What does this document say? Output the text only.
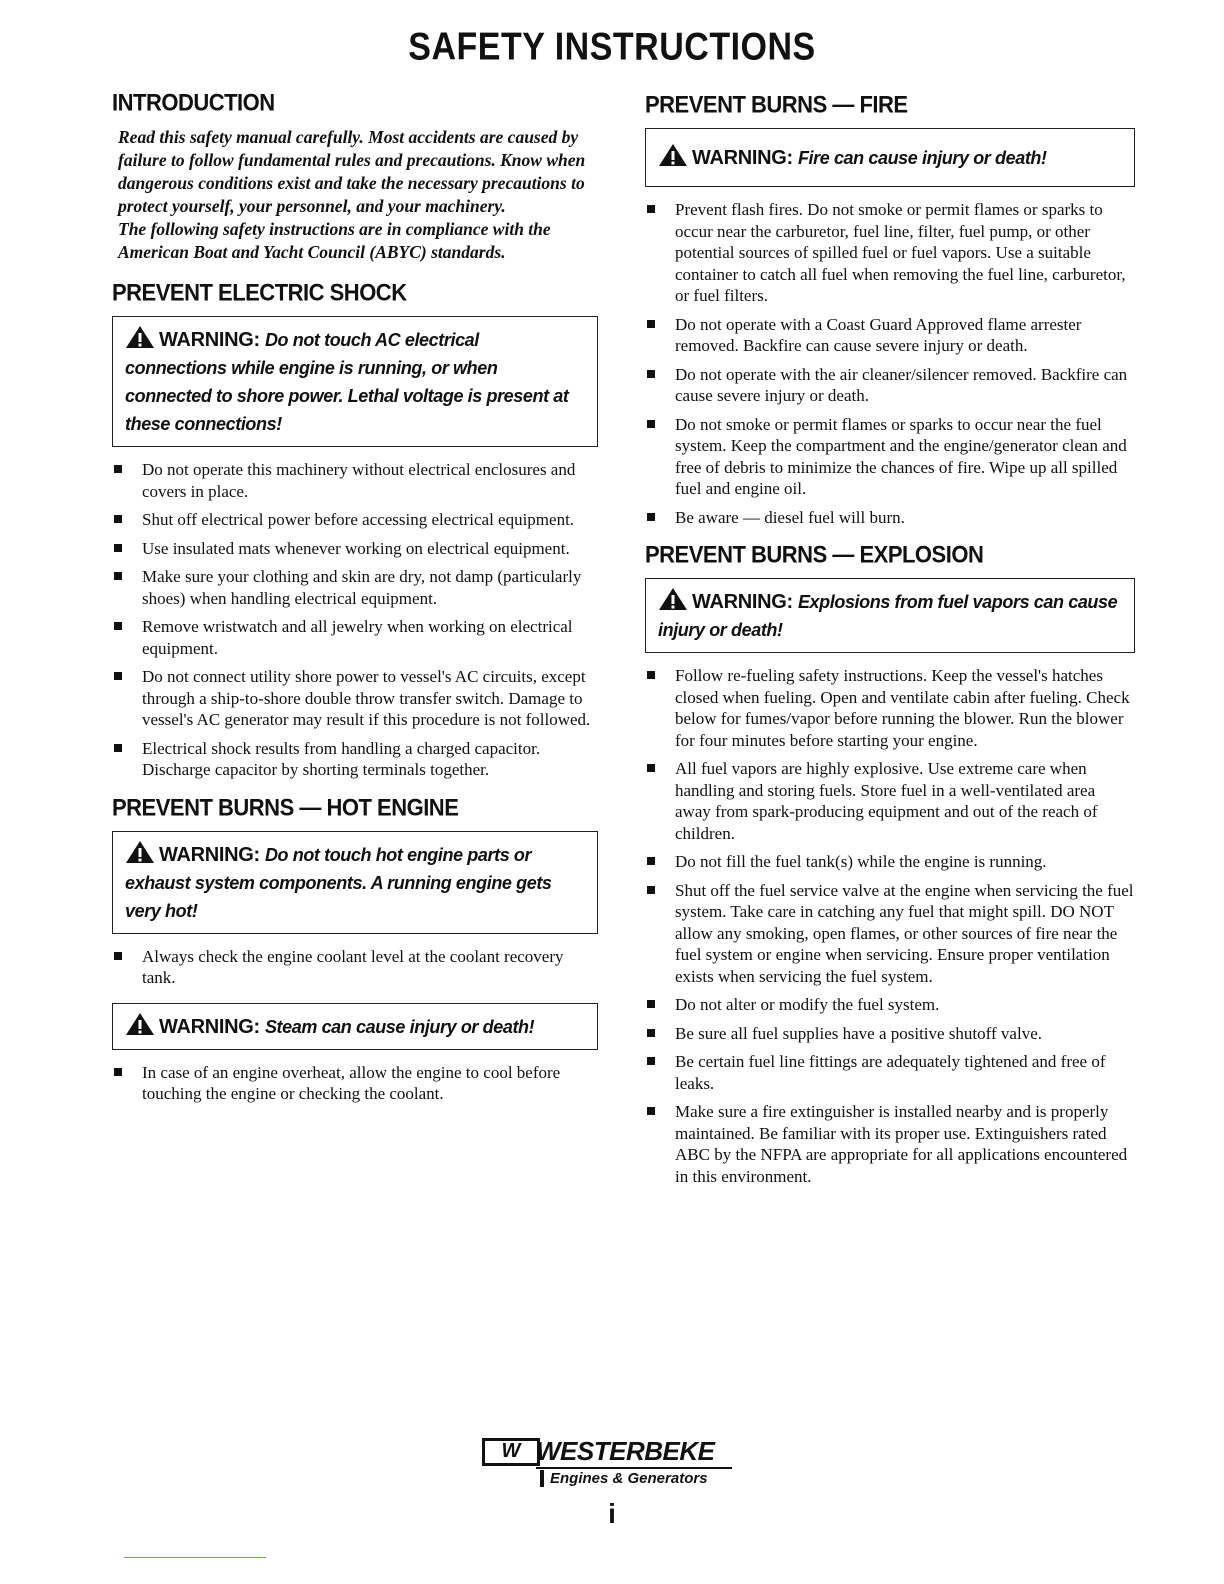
SAFETY INSTRUCTIONS
INTRODUCTION

Read this safety manual carefully. Most accidents are caused by failure to follow fundamental rules and precautions. Know when dangerous conditions exist and take the necessary precautions to protect yourself, your personnel, and your machinery.

The following safety instructions are in compliance with the American Boat and Yacht Council (ABYC) standards.

PREVENT ELECTRIC SHOCK
WARNING: Do not touch AC electrical connections while engine is running, or when connected to shore power. Lethal voltage is present at these connections!
Do not operate this machinery without electrical enclosures and covers in place.
Shut off electrical power before accessing electrical equipment.
Use insulated mats whenever working on electrical equipment.
Make sure your clothing and skin are dry, not damp (particularly shoes) when handling electrical equipment.
Remove wristwatch and all jewelry when working on electrical equipment.
Do not connect utility shore power to vessel's AC circuits, except through a ship-to-shore double throw transfer switch. Damage to vessel's AC generator may result if this procedure is not followed.
Electrical shock results from handling a charged capacitor. Discharge capacitor by shorting terminals together.
PREVENT BURNS — HOT ENGINE
WARNING: Do not touch hot engine parts or exhaust system components. A running engine gets very hot!
Always check the engine coolant level at the coolant recovery tank.
WARNING: Steam can cause injury or death!
In case of an engine overheat, allow the engine to cool before touching the engine or checking the coolant.
PREVENT BURNS — FIRE
WARNING: Fire can cause injury or death!
Prevent flash fires. Do not smoke or permit flames or sparks to occur near the carburetor, fuel line, filter, fuel pump, or other potential sources of spilled fuel or fuel vapors. Use a suitable container to catch all fuel when removing the fuel line, carburetor, or fuel filters.
Do not operate with a Coast Guard Approved flame arrester removed. Backfire can cause severe injury or death.
Do not operate with the air cleaner/silencer removed. Backfire can cause severe injury or death.
Do not smoke or permit flames or sparks to occur near the fuel system. Keep the compartment and the engine/generator clean and free of debris to minimize the chances of fire. Wipe up all spilled fuel and engine oil.
Be aware — diesel fuel will burn.
PREVENT BURNS — EXPLOSION
WARNING: Explosions from fuel vapors can cause injury or death!
Follow re-fueling safety instructions. Keep the vessel's hatches closed when fueling. Open and ventilate cabin after fueling. Check below for fumes/vapor before running the blower. Run the blower for four minutes before starting your engine.
All fuel vapors are highly explosive. Use extreme care when handling and storing fuels. Store fuel in a well-ventilated area away from spark-producing equipment and out of the reach of children.
Do not fill the fuel tank(s) while the engine is running.
Shut off the fuel service valve at the engine when servicing the fuel system. Take care in catching any fuel that might spill. DO NOT allow any smoking, open flames, or other sources of fire near the fuel system or engine when servicing. Ensure proper ventilation exists when servicing the fuel system.
Do not alter or modify the fuel system.
Be sure all fuel supplies have a positive shutoff valve.
Be certain fuel line fittings are adequately tightened and free of leaks.
Make sure a fire extinguisher is installed nearby and is properly maintained. Be familiar with its proper use. Extinguishers rated ABC by the NFPA are appropriate for all applications encountered in this environment.
W WESTERBEKE
Engines & Generators
i
